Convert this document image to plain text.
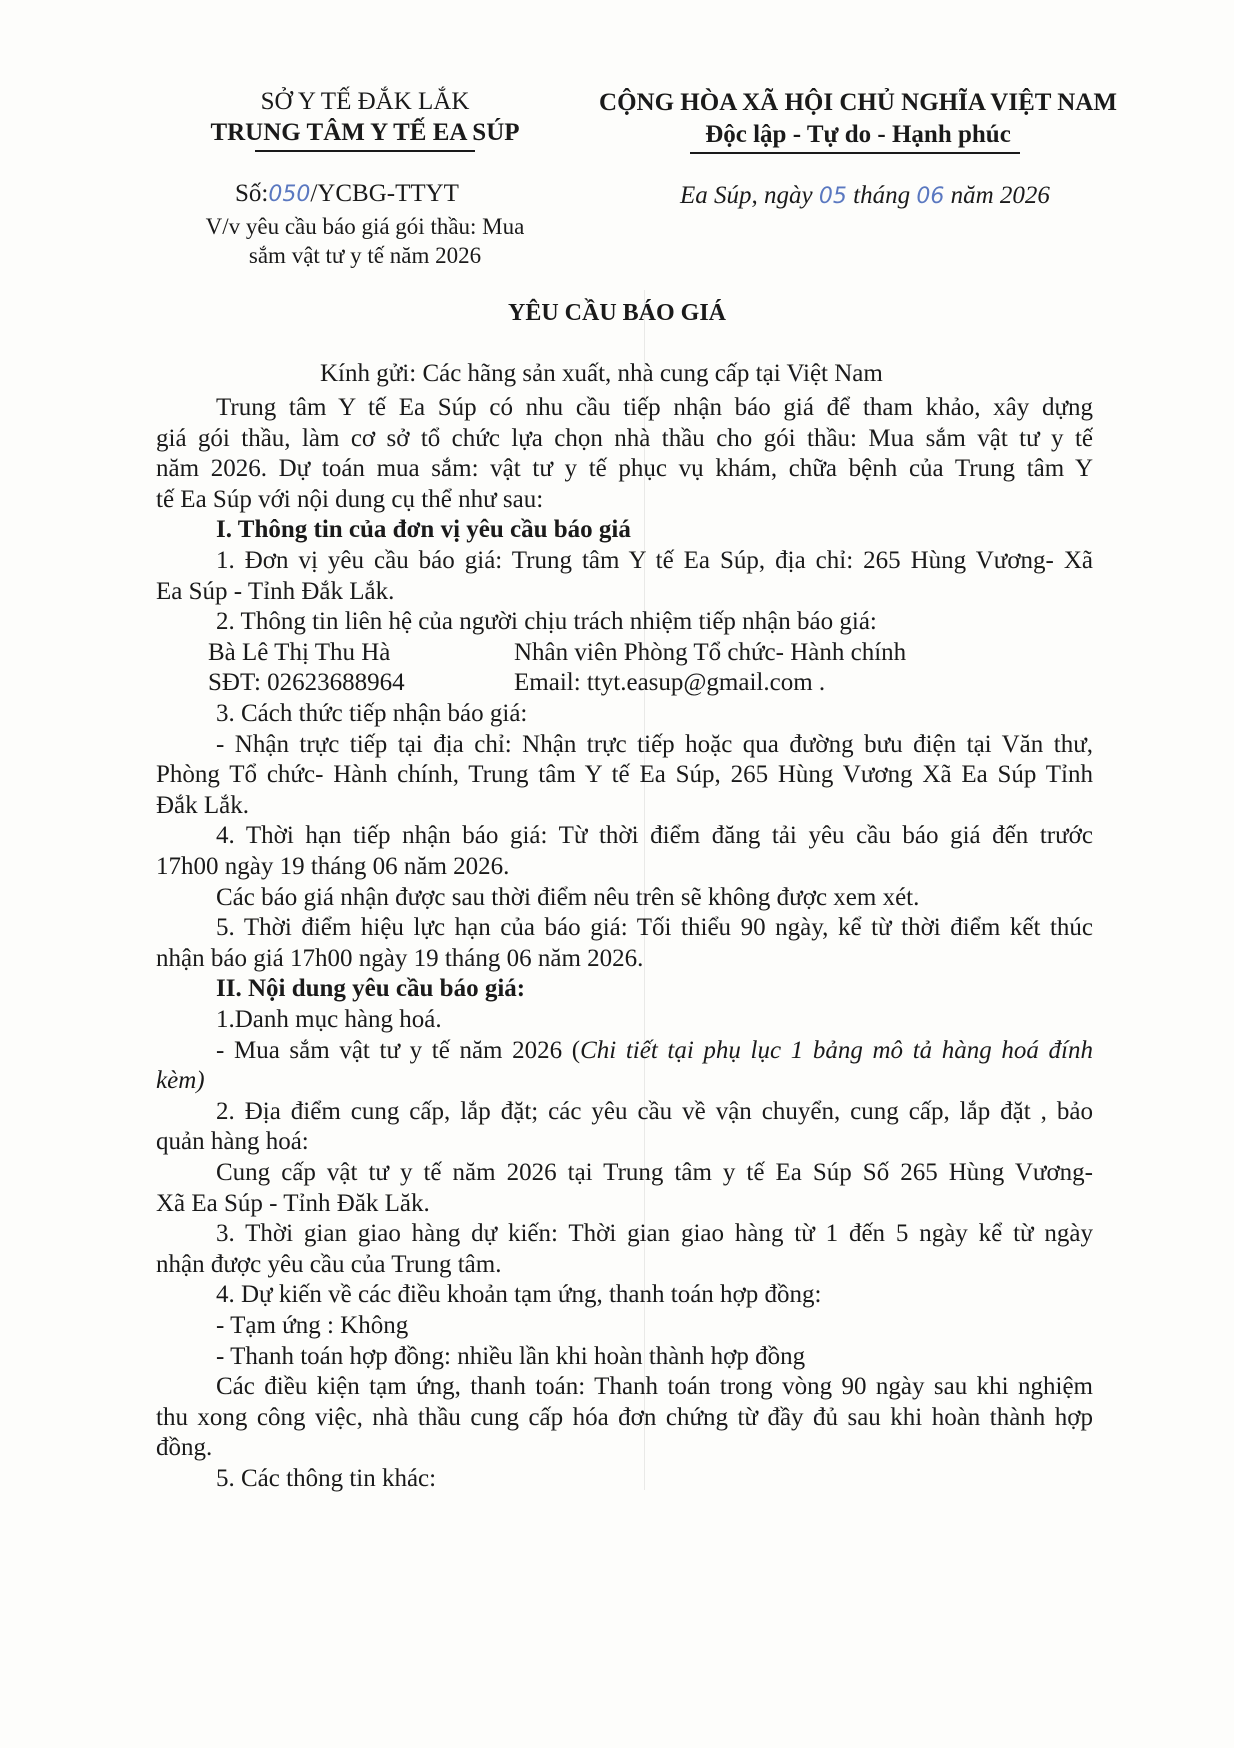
SỞ Y TẾ ĐẮK LẮK
TRUNG TÂM Y TẾ EA SÚP
Số:050/YCBG-TTYT
V/v yêu cầu báo giá gói thầu: Mua
sắm vật tư y tế năm 2026
CỘNG HÒA XÃ HỘI CHỦ NGHĨA VIỆT NAM
Độc lập - Tự do - Hạnh phúc
Ea Súp, ngày 05 tháng 06 năm 2026
YÊU CẦU BÁO GIÁ
Kính gửi: Các hãng sản xuất, nhà cung cấp tại Việt Nam
Trung tâm Y tế Ea Súp có nhu cầu tiếp nhận báo giá để tham khảo, xây dựng
giá gói thầu, làm cơ sở tổ chức lựa chọn nhà thầu cho gói thầu: Mua sắm vật tư y tế
năm 2026. Dự toán mua sắm: vật tư y tế phục vụ khám, chữa bệnh của Trung tâm Y
tế Ea Súp với nội dung cụ thể như sau:
I. Thông tin của đơn vị yêu cầu báo giá
1. Đơn vị yêu cầu báo giá: Trung tâm Y tế Ea Súp, địa chỉ: 265 Hùng Vương- Xã
Ea Súp - Tỉnh Đắk Lắk.
2. Thông tin liên hệ của người chịu trách nhiệm tiếp nhận báo giá:
Bà Lê Thị Thu Hà	Nhân viên Phòng Tổ chức- Hành chính
SĐT: 02623688964	Email: ttyt.easup@gmail.com .
3. Cách thức tiếp nhận báo giá:
- Nhận trực tiếp tại địa chỉ: Nhận trực tiếp hoặc qua đường bưu điện tại Văn thư,
Phòng Tổ chức- Hành chính, Trung tâm Y tế Ea Súp, 265 Hùng Vương Xã Ea Súp Tỉnh
Đắk Lắk.
4. Thời hạn tiếp nhận báo giá: Từ thời điểm đăng tải yêu cầu báo giá đến trước
17h00 ngày 19 tháng 06 năm 2026.
Các báo giá nhận được sau thời điểm nêu trên sẽ không được xem xét.
5. Thời điểm hiệu lực hạn của báo giá: Tối thiểu 90 ngày, kể từ thời điểm kết thúc
nhận báo giá 17h00 ngày 19 tháng 06 năm 2026.
II. Nội dung yêu cầu báo giá:
1.Danh mục hàng hoá.
- Mua sắm vật tư y tế năm 2026 (Chi tiết tại phụ lục 1 bảng mô tả hàng hoá đính
kèm)
2. Địa điểm cung cấp, lắp đặt; các yêu cầu về vận chuyển, cung cấp, lắp đặt , bảo
quản hàng hoá:
Cung cấp vật tư y tế năm 2026 tại Trung tâm y tế Ea Súp Số 265 Hùng Vương-
Xã Ea Súp - Tỉnh Đăk Lăk.
3. Thời gian giao hàng dự kiến: Thời gian giao hàng từ 1 đến 5 ngày kể từ ngày
nhận được yêu cầu của Trung tâm.
4. Dự kiến về các điều khoản tạm ứng, thanh toán hợp đồng:
- Tạm ứng : Không
- Thanh toán hợp đồng: nhiều lần khi hoàn thành hợp đồng
Các điều kiện tạm ứng, thanh toán: Thanh toán trong vòng 90 ngày sau khi nghiệm
thu xong công việc, nhà thầu cung cấp hóa đơn chứng từ đầy đủ sau khi hoàn thành hợp
đồng.
5. Các thông tin khác:
